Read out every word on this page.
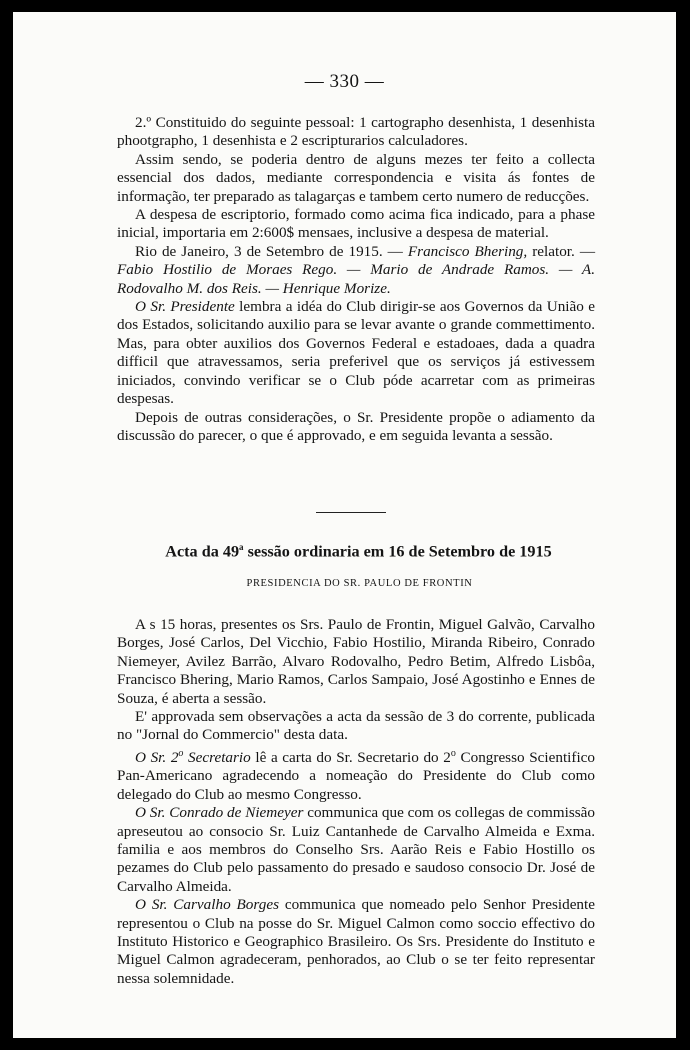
— 330 —

2.º Constituido do seguinte pessoal: 1 cartographo desenhista, 1 desenhista phootgrapho, 1 desenhista e 2 escripturarios calculadores.

Assim sendo, se poderia dentro de alguns mezes ter feito a collecta essencial dos dados, mediante correspondencia e visita ás fontes de informação, ter preparado as talagarças e tambem certo numero de reducções.

A despesa de escriptorio, formado como acima fica indicado, para a phase inicial, importaria em 2:600$ mensaes, inclusive a despesa de material.

Rio de Janeiro, 3 de Setembro de 1915. — Francisco Bhering, relator. — Fabio Hostilio de Moraes Rego. — Mario de Andrade Ramos. — A. Rodovalho M. dos Reis. — Henrique Morize.

O Sr. Presidente lembra a idéa do Club dirigir-se aos Governos da União e dos Estados, solicitando auxilio para se levar avante o grande commettimento. Mas, para obter auxilios dos Governos Federal e estadoaes, dada a quadra difficil que atravessamos, seria preferivel que os serviços já estivessem iniciados, convindo verificar se o Club póde acarretar com as primeiras despesas.

Depois de outras considerações, o Sr. Presidente propõe o adiamento da discussão do parecer, o que é approvado, e em seguida levanta a sessão.

Acta da 49$^a$ sessão ordinaria em 16 de Setembro de 1915
PRESIDENCIA DO SR. PAULO DE FRONTIN

A s 15 horas, presentes os Srs. Paulo de Frontin, Miguel Galvão, Carvalho Borges, José Carlos, Del Vicchio, Fabio Hostilio, Miranda Ribeiro, Conrado Niemeyer, Avilez Barrão, Alvaro Rodovalho, Pedro Betim, Alfredo Lisbôa, Francisco Bhering, Mario Ramos, Carlos Sampaio, José Agostinho e Ennes de Souza, é aberta a sessão.

E' approvada sem observações a acta da sessão de 3 do corrente, publicada no "Jornal do Commercio" desta data.

O Sr. 2$^o$ Secretario lê a carta do Sr. Secretario do 2$^o$ Congresso Scientifico Pan-Americano agradecendo a nomeação do Presidente do Club como delegado do Club ao mesmo Congresso.

O Sr. Conrado de Niemeyer communica que com os collegas de commissão apreseutou ao consocio Sr. Luiz Cantanhede de Carvalho Almeida e Exma. familia e aos membros do Conselho Srs. Aarão Reis e Fabio Hostillo os pezames do Club pelo passamento do presado e saudoso consocio Dr. José de Carvalho Almeida.

O Sr. Carvalho Borges communica que nomeado pelo Senhor Presidente representou o Club na posse do Sr. Miguel Calmon como soccio effectivo do Instituto Historico e Geographico Brasileiro. Os Srs. Presidente do Instituto e Miguel Calmon agradeceram, penhorados, ao Club o se ter feito representar nessa solemnidade.
